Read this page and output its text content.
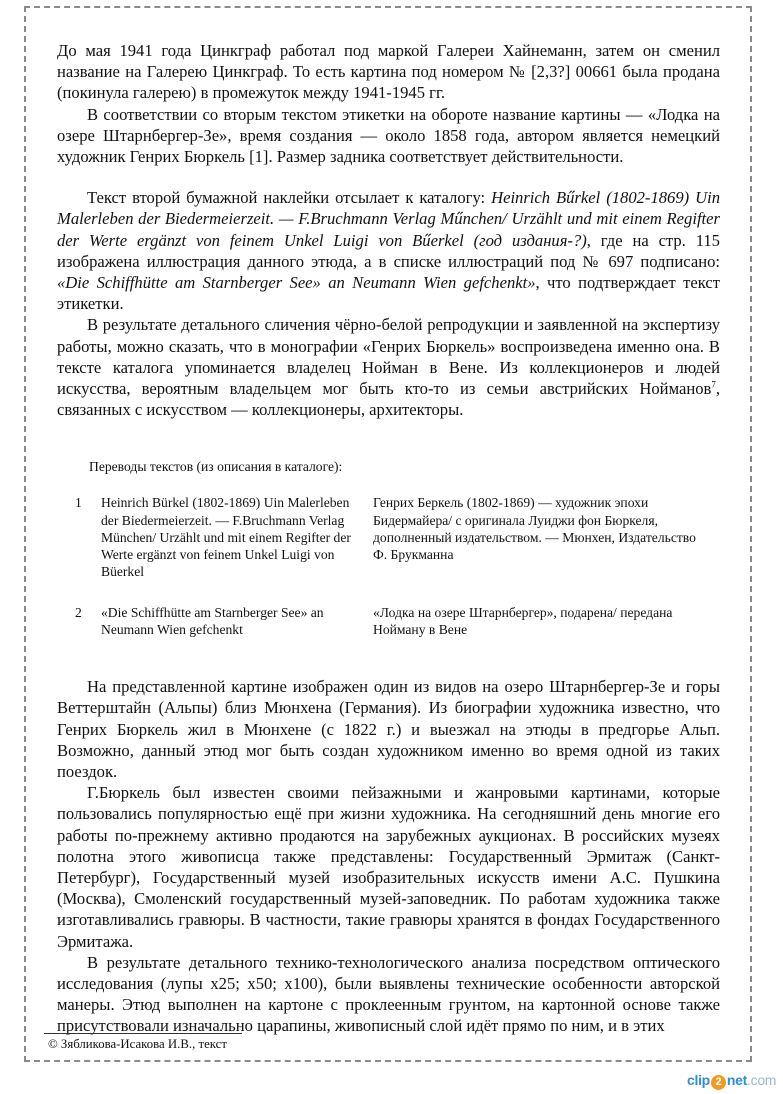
До мая 1941 года Цинкграф работал под маркой Галереи Хайнеманн, затем он сменил название на Галерею Цинкграф. То есть картина под номером № [2,3?] 00661 была продана (покинула галерею) в промежуток между 1941-1945 гг.

В соответствии со вторым текстом этикетки на обороте название картины — «Лодка на озере Штарнбергер-Зе», время создания — около 1858 года, автором является немецкий художник Генрих Бюркель [1]. Размер задника соответствует действительности.

Текст второй бумажной наклейки отсылает к каталогу: Heinrich Bűrkel (1802-1869) Uin Malerleben der Biedermeierzeit. — F.Bruchmann Verlag Műnchen/ Urzählt und mit einem Regifter der Werte ergänzt von feinem Unkel Luigi von Bűerkel (год издания-?), где на стр. 115 изображена иллюстрация данного этюда, а в списке иллюстраций под № 697 подписано: «Die Schiffhütte am Starnberger See» an Neumann Wien gefchenkt», что подтверждает текст этикетки.

В результате детального сличения чёрно-белой репродукции и заявленной на экспертизу работы, можно сказать, что в монографии «Генрих Бюркель» воспроизведена именно она. В тексте каталога упоминается владелец Нойман в Вене. Из коллекционеров и людей искусства, вероятным владельцем мог быть кто-то из семьи австрийских Нойманов$^7$, связанных с искусством — коллекционеры, архитекторы.

Переводы текстов (из описания в каталоге):

1	Heinrich Bürkel (1802-1869) Uin Malerleben der Biedermeierzeit. — F.Bruchmann Verlag München/ Urzählt und mit einem Regifter der Werte ergänzt von feinem Unkel Luigi von Büerkel		Генрих Беркель (1802-1869) — художник эпохи Бидермайера/ с оригинала Луиджи фон Бюркеля, дополненный издательством. — Мюнхен, Издательство Ф. Брукманна
2	«Die Schiffhütte am Starnberger See» an Neumann Wien gefchenkt		«Лодка на озере Штарнбергер», подарена/ передана Нойману в Вене

На представленной картине изображен один из видов на озеро Штарнбергер-Зе и горы Веттерштайн (Альпы) близ Мюнхена (Германия). Из биографии художника известно, что Генрих Бюркель жил в Мюнхене (с 1822 г.) и выезжал на этюды в предгорье Альп. Возможно, данный этюд мог быть создан художником именно во время одной из таких поездок.

Г.Бюркель был известен своими пейзажными и жанровыми картинами, которые пользовались популярностью ещё при жизни художника. На сегодняшний день многие его работы по-прежнему активно продаются на зарубежных аукционах. В российских музеях полотна этого живописца также представлены: Государственный Эрмитаж (Санкт-Петербург), Государственный музей изобразительных искусств имени А.С. Пушкина (Москва), Смоленский государственный музей-заповедник. По работам художника также изготавливались гравюры. В частности, такие гравюры хранятся в фондах Государственного Эрмитажа.

В результате детального технико-технологического анализа посредством оптического исследования (лупы x25; x50; x100), были выявлены технические особенности авторской манеры. Этюд выполнен на картоне с проклеенным грунтом, на картонной основе также присутствовали изначально царапины, живописный слой идёт прямо по ним, и в этих

© Зябликова-Исакова И.В., текст
clip 2 net.com
